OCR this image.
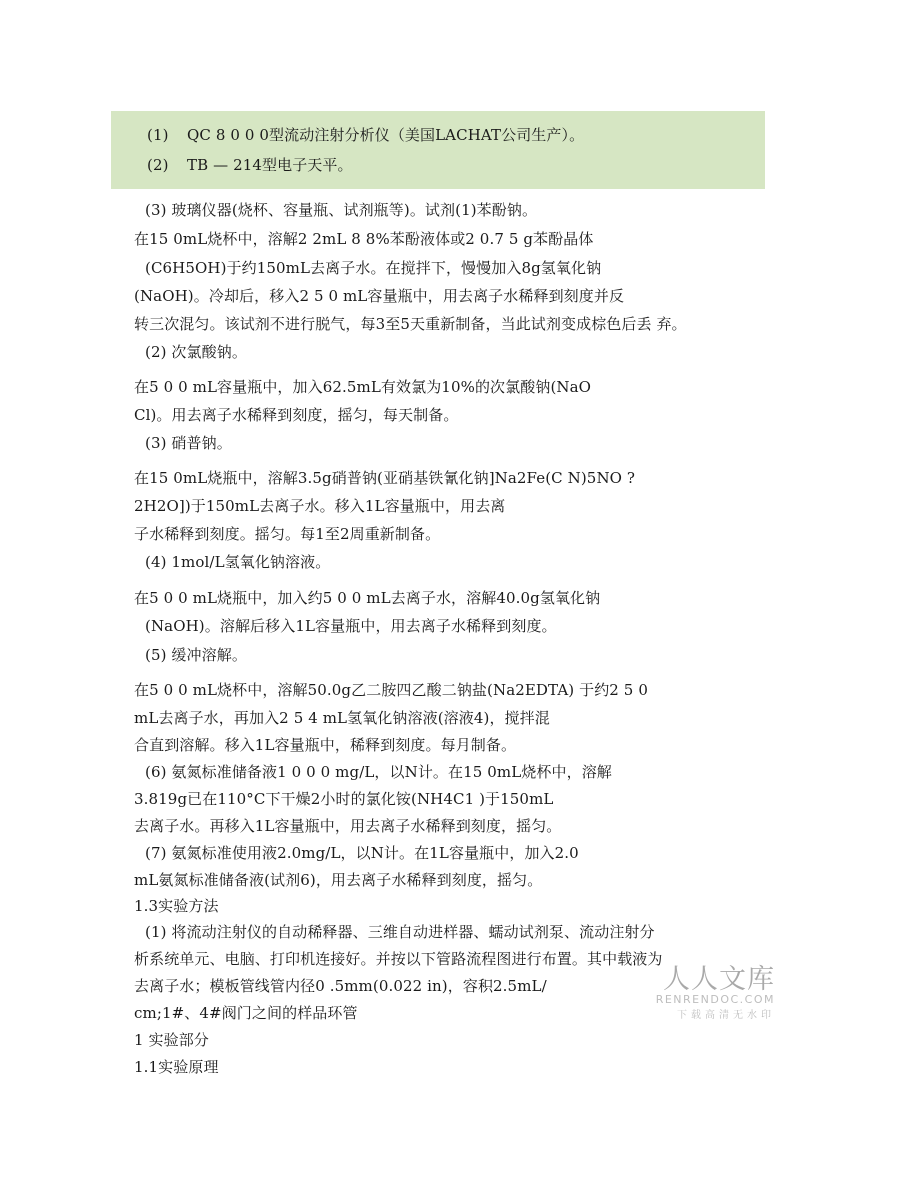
(1) QC 8 0 0 0型流动注射分析仪（美国LACHAT公司生产）。
(2) TB — 214型电子天平。
(3) 玻璃仪器(烧杯、容量瓶、试剂瓶等)。试剂(1)苯酚钠。
在15 0mL烧杯中，溶解2 2mL 8 8%苯酚液体或2 0.7 5 g苯酚晶体
(C6H5OH)于约150mL去离子水。在搅拌下，慢慢加入8g氢氧化钠
(NaOH)。冷却后，移入2 5 0 mL容量瓶中，用去离子水稀释到刻度并反
转三次混匀。该试剂不进行脱气，每3至5天重新制备，当此试剂变成棕色后丢 弃。
(2) 次氯酸钠。
在5 0 0 mL容量瓶中，加入62.5mL有效氯为10%的次氯酸钠(NaO
Cl)。用去离子水稀释到刻度，摇匀，每天制备。
(3) 硝普钠。
在15 0mL烧瓶中，溶解3.5g硝普钠(亚硝基铁氰化钠]Na2Fe(C N)5NO ?
2H2O])于150mL去离子水。移入1L容量瓶中，用去离
子水稀释到刻度。摇匀。每1至2周重新制备。
(4) 1mol/L氢氧化钠溶液。
在5 0 0 mL烧瓶中，加入约5 0 0 mL去离子水，溶解40.0g氢氧化钠
(NaOH)。溶解后移入1L容量瓶中，用去离子水稀释到刻度。
(5) 缓冲溶解。
在5 0 0 mL烧杯中，溶解50.0g乙二胺四乙酸二钠盐(Na2EDTA) 于约2 5 0
mL去离子水，再加入2 5 4 mL氢氧化钠溶液(溶液4)，搅拌混
合直到溶解。移入1L容量瓶中，稀释到刻度。每月制备。
(6) 氨氮标准储备液1 0 0 0 mg/L，以N计。在15 0mL烧杯中，溶解
3.819g已在110°C下干燥2小时的氯化铵(NH4C1 )于150mL
去离子水。再移入1L容量瓶中，用去离子水稀释到刻度，摇匀。
(7) 氨氮标准使用液2.0mg/L，以N计。在1L容量瓶中，加入2.0
mL氨氮标准储备液(试剂6)，用去离子水稀释到刻度，摇匀。
1.3实验方法
(1) 将流动注射仪的自动稀释器、三维自动进样器、蠕动试剂泵、流动注射分
析系统单元、电脑、打印机连接好。并按以下管路流程图进行布置。其中载液为
去离子水；模板管线管内径0 .5mm(0.022 in)，容积2.5mL/
cm;1#、4#阀门之间的样品环管
1 实验部分
1.1实验原理
人人文库
RENRENDOC.COM
下载高清无水印
